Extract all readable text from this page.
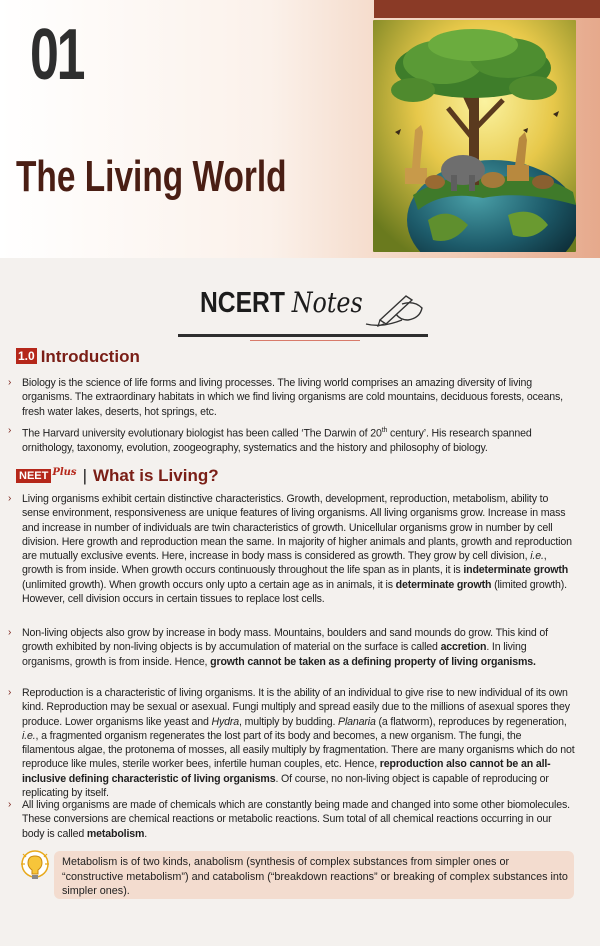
01
The Living World
NCERT Notes
1.0 Introduction
› Biology is the science of life forms and living processes. The living world comprises an amazing diversity of living organisms. The extraordinary habitats in which we find living organisms are cold mountains, deciduous forests, oceans, fresh water lakes, deserts, hot springs, etc.
› The Harvard university evolutionary biologist has been called ‘The Darwin of 20th century’. His research spanned ornithology, taxonomy, evolution, zoogeography, systematics and the history and philosophy of biology.
NEET $^{Plus}$ | What is Living?
› Living organisms exhibit certain distinctive characteristics. Growth, development, reproduction, metabolism, ability to sense environment, responsiveness are unique features of living organisms. All living organisms grow. Increase in mass and increase in number of individuals are twin characteristics of growth. Unicellular organisms grow in number by cell division. Here growth and reproduction mean the same. In majority of higher animals and plants, growth and reproduction are mutually exclusive events. Here, increase in body mass is considered as growth. They grow by cell division, i.e., growth is from inside. When growth occurs continuously throughout the life span as in plants, it is indeterminate growth (unlimited growth). When growth occurs only upto a certain age as in animals, it is determinate growth (limited growth). However, cell division occurs in certain tissues to replace lost cells.
› Non-living objects also grow by increase in body mass. Mountains, boulders and sand mounds do grow. This kind of growth exhibited by non-living objects is by accumulation of material on the surface is called accretion. In living organisms, growth is from inside. Hence, growth cannot be taken as a defining property of living organisms.
› Reproduction is a characteristic of living organisms. It is the ability of an individual to give rise to new individual of its own kind. Reproduction may be sexual or asexual. Fungi multiply and spread easily due to the millions of asexual spores they produce. Lower organisms like yeast and Hydra, multiply by budding. Planaria (a flatworm), reproduces by regeneration, i.e., a fragmented organism regenerates the lost part of its body and becomes, a new organism. The fungi, the filamentous algae, the protonema of mosses, all easily multiply by fragmentation. There are many organisms which do not reproduce like mules, sterile worker bees, infertile human couples, etc. Hence, reproduction also cannot be an all-inclusive defining characteristic of living organisms. Of course, no non-living object is capable of reproducing or replicating by itself.
› All living organisms are made of chemicals which are constantly being made and changed into some other biomolecules. These conversions are chemical reactions or metabolic reactions. Sum total of all chemical reactions occurring in our body is called metabolism.
Metabolism is of two kinds, anabolism (synthesis of complex substances from simpler ones or “constructive metabolism”) and catabolism (“breakdown reactions” or breaking of complex substances into simpler ones).
